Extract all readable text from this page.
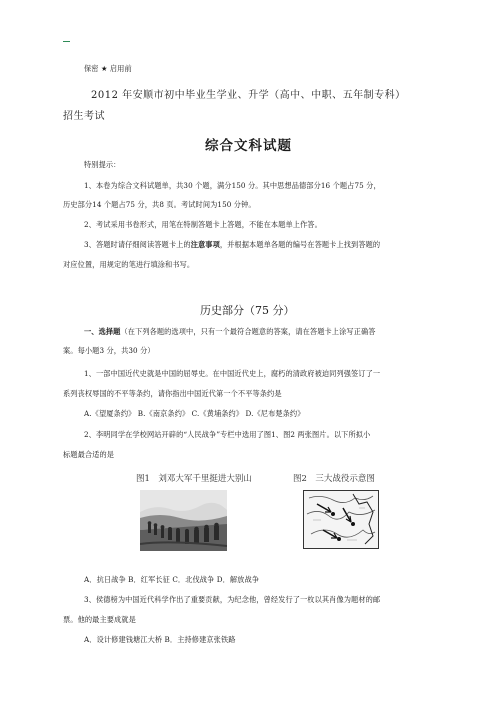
保密 ★ 启用前
2012 年安顺市初中毕业生学业、升学（高中、中职、五年制专科）
招生考试
综合文科试题
特别提示：
1、本卷为综合文科试题单，共30 个题，满分150 分。其中思想品德部分16 个题占75 分，
历史部分14 个题占75 分，共8 页。考试时间为150 分钟。
2、考试采用书卷形式，用笔在特制答题卡上答题，不能在本题单上作答。
3、答题时请仔细阅读答题卡上的注意事项，并根据本题单各题的编号在答题卡上找到答题的
对应位置，用规定的笔进行填涂和书写。
历史部分（75 分）
一、选择题（在下列各题的选项中，只有一个最符合题意的答案，请在答题卡上涂写正确答
案。每小题3 分，共30 分）
1、一部中国近代史就是中国的屈辱史。在中国近代史上，腐朽的清政府被迫同列强签订了一
系列丧权辱国的不平等条约，请你指出中国近代第一个不平等条约是
A.《望厦条约》 B.《南京条约》 C.《黄埔条约》 D.《尼布楚条约》
2、李明同学在学校网站开辟的“人民战争”专栏中选用了图1、图2 两张图片。以下所拟小
标题最合适的是
图1　刘邓大军千里挺进大别山	图2　三大战役示意图
A．抗日战争 B．红军长征 C．北伐战争 D．解放战争
3、侯德榜为中国近代科学作出了重要贡献，为纪念他，曾经发行了一枚以其肖像为题材的邮
票。他的最主要成就是
A．设计修建钱塘江大桥 B．主持修建京张铁路
